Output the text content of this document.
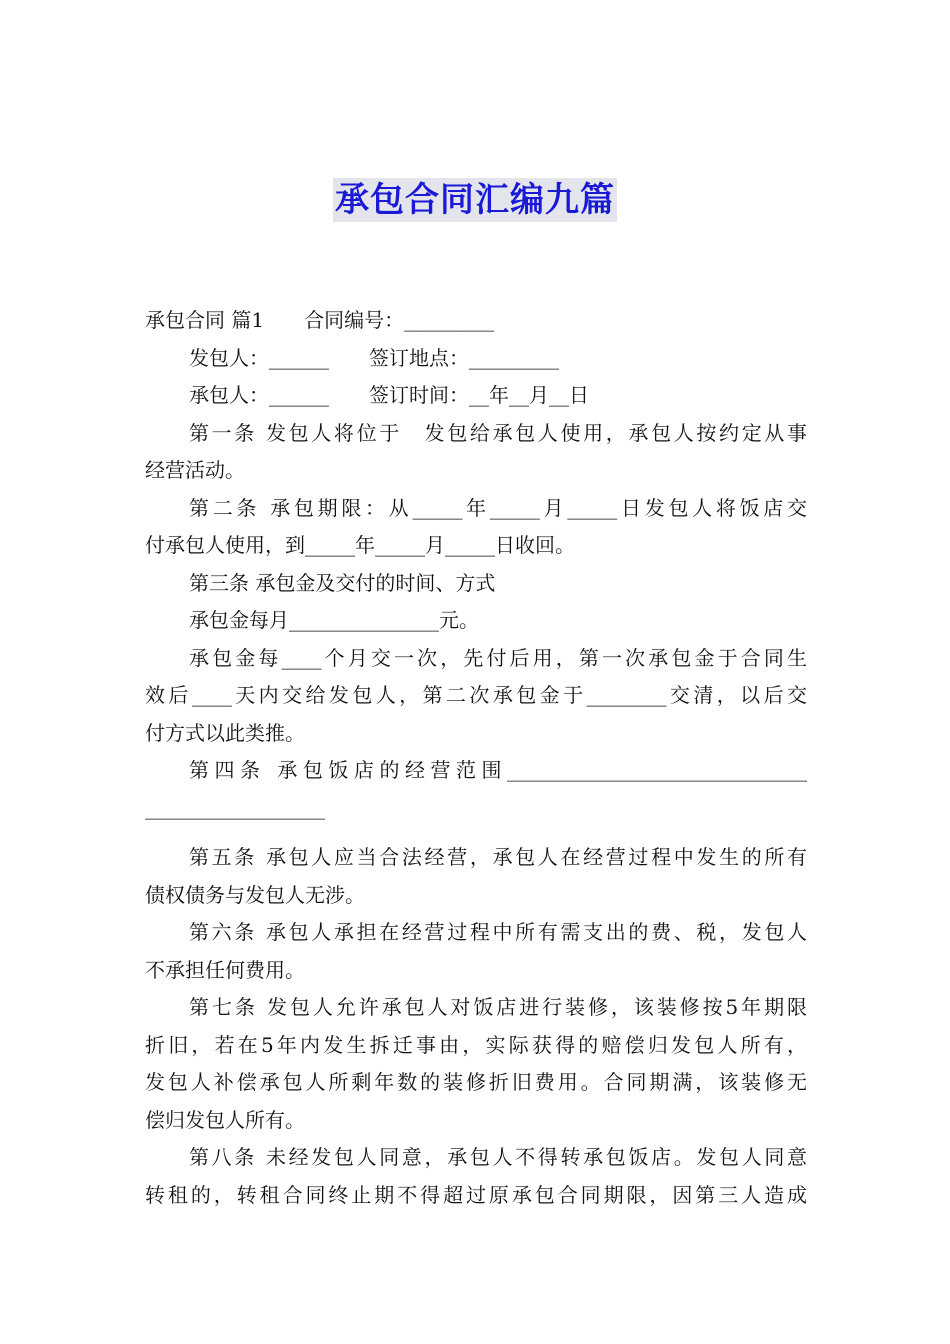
承包合同汇编九篇
承包合同 篇1　　合同编号：_________
发包人：______　　签订地点：_________
承包人：______　　签订时间：__年__月__日
第一条 发包人将位于　发包给承包人使用，承包人按约定从事
经营活动。
第二条 承包期限：从_____年_____月_____日发包人将饭店交
付承包人使用，到_____年_____月_____日收回。
第三条 承包金及交付的时间、方式
承包金每月_______________元。
承包金每____个月交一次，先付后用，第一次承包金于合同生
效后____天内交给发包人，第二次承包金于________交清，以后交
付方式以此类推。
第四条 承包饭店的经营范围______________________________
__________________
第五条 承包人应当合法经营，承包人在经营过程中发生的所有
债权债务与发包人无涉。
第六条 承包人承担在经营过程中所有需支出的费、税，发包人
不承担任何费用。
第七条 发包人允许承包人对饭店进行装修，该装修按5年期限
折旧，若在5年内发生拆迁事由，实际获得的赔偿归发包人所有，
发包人补偿承包人所剩年数的装修折旧费用。合同期满，该装修无
偿归发包人所有。
第八条 未经发包人同意，承包人不得转承包饭店。发包人同意
转租的，转租合同终止期不得超过原承包合同期限，因第三人造成
